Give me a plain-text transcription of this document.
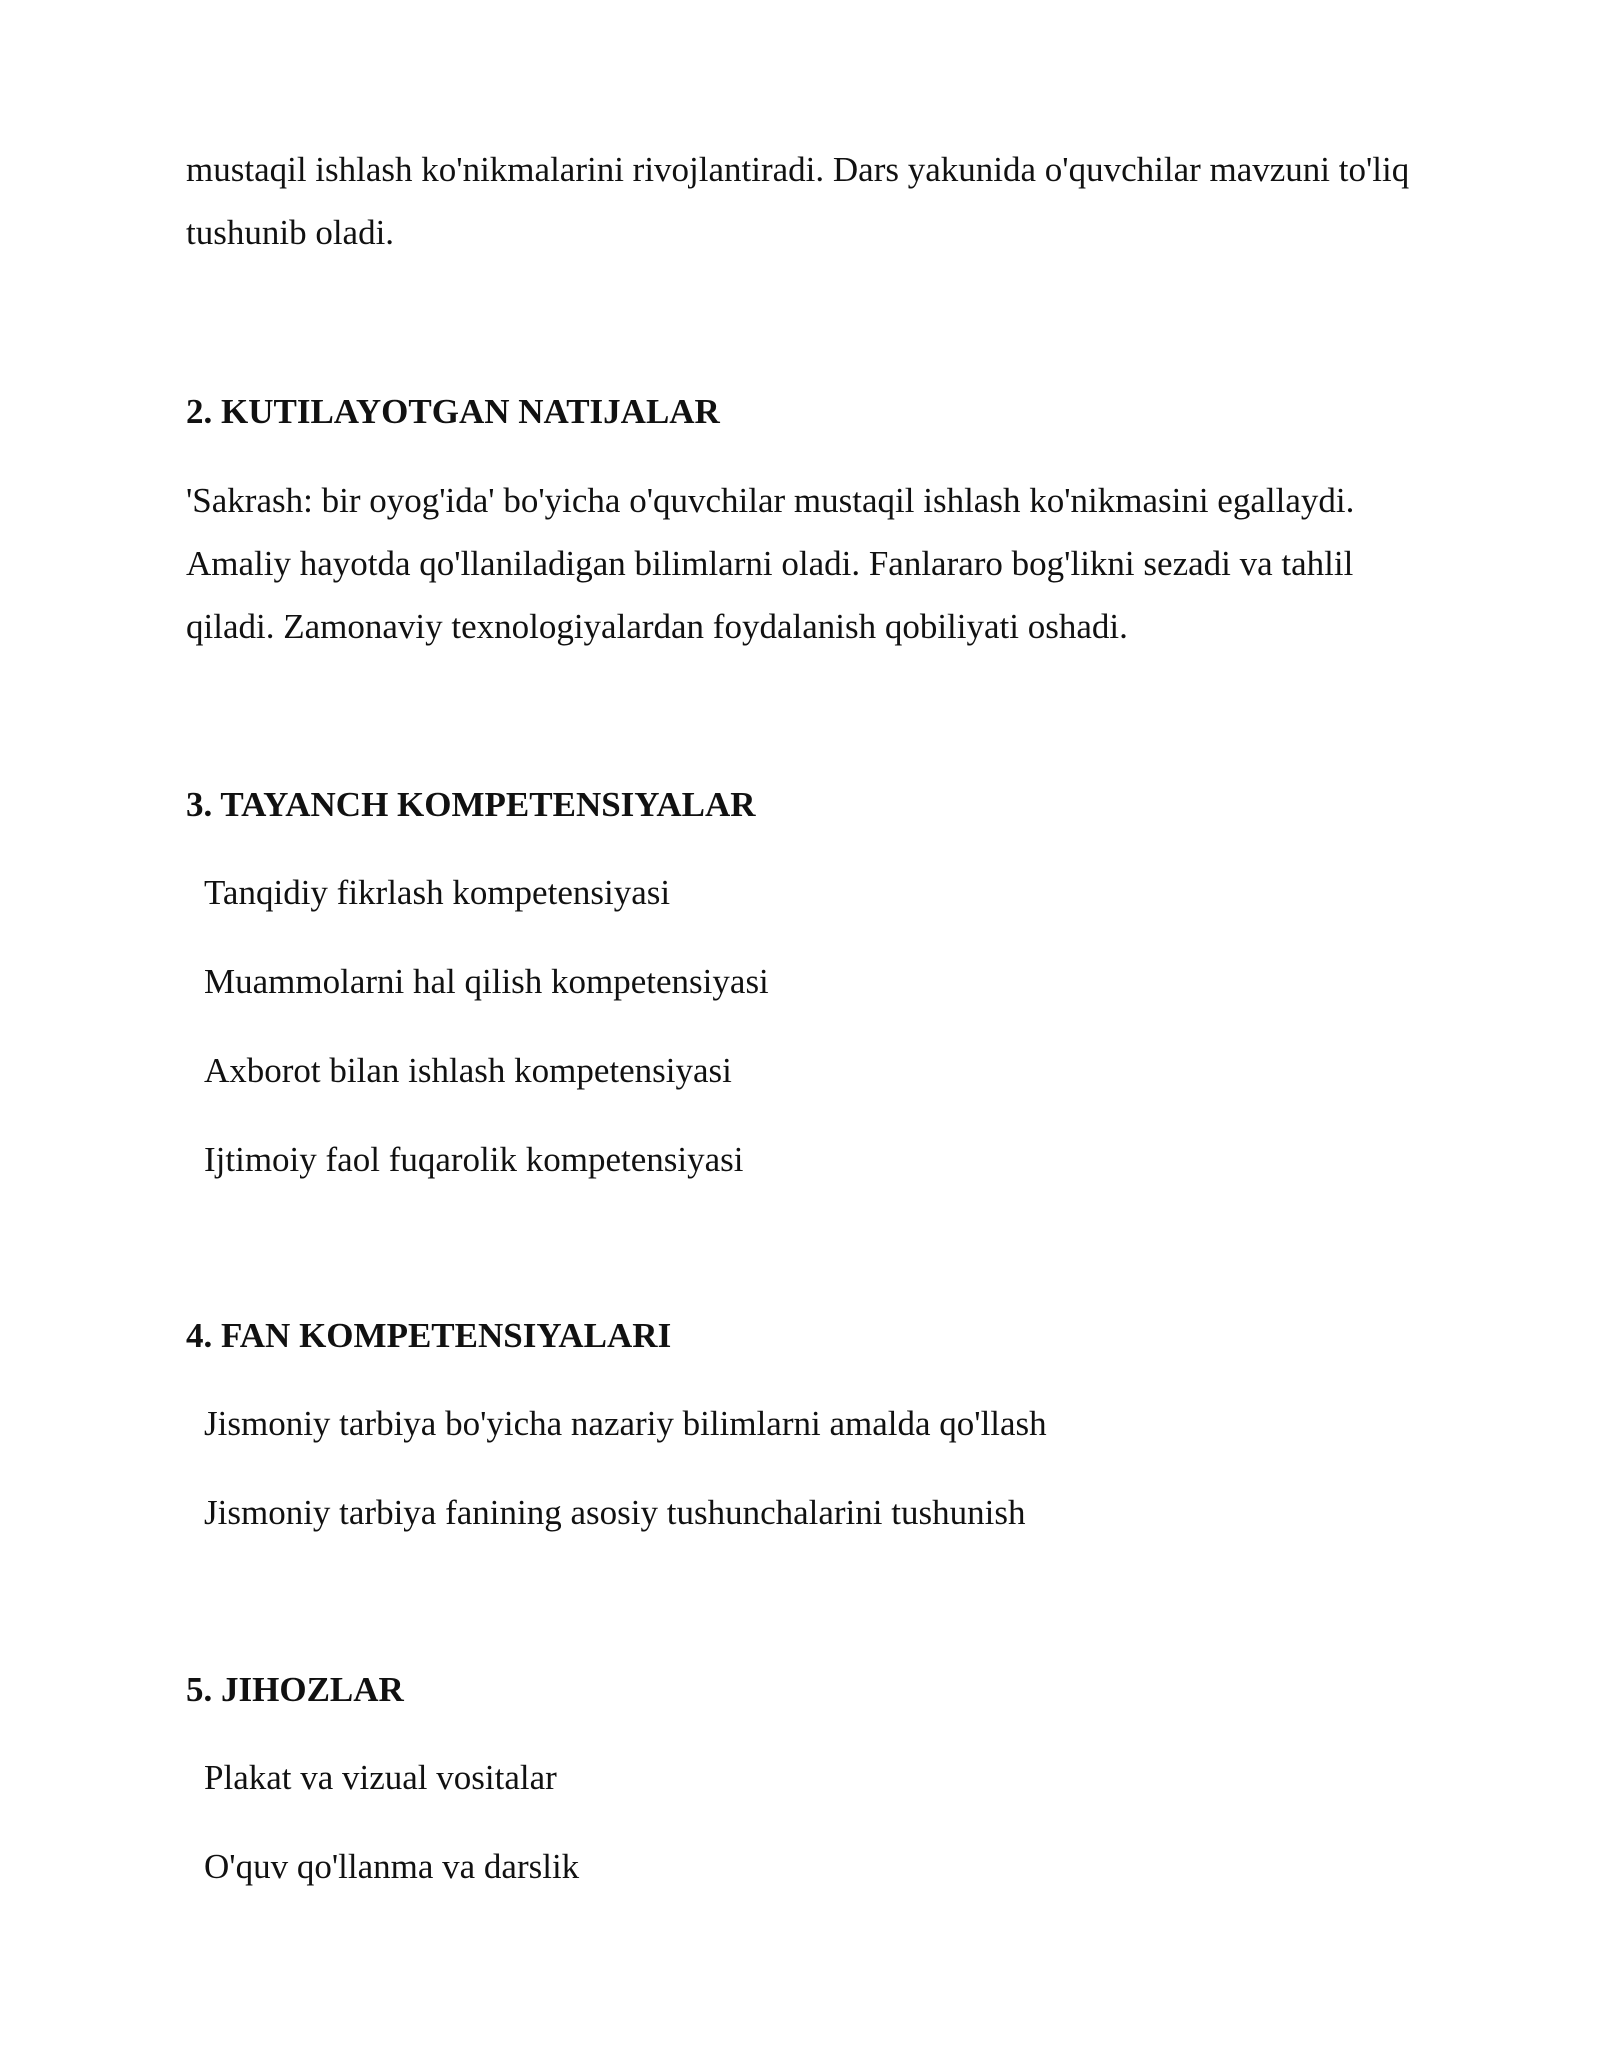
mustaqil ishlash ko'nikmalarini rivojlantiradi. Dars yakunida o'quvchilar mavzuni to'liq tushunib oladi.

2. KUTILAYOTGAN NATIJALAR

'Sakrash: bir oyog'ida' bo'yicha o'quvchilar mustaqil ishlash ko'nikmasini egallaydi. Amaliy hayotda qo'llaniladigan bilimlarni oladi. Fanlararo bog'likni sezadi va tahlil qiladi. Zamonaviy texnologiyalardan foydalanish qobiliyati oshadi.

3. TAYANCH KOMPETENSIYALAR

Tanqidiy fikrlash kompetensiyasi

Muammolarni hal qilish kompetensiyasi

Axborot bilan ishlash kompetensiyasi

Ijtimoiy faol fuqarolik kompetensiyasi

4. FAN KOMPETENSIYALARI

Jismoniy tarbiya bo'yicha nazariy bilimlarni amalda qo'llash

Jismoniy tarbiya fanining asosiy tushunchalarini tushunish

5. JIHOZLAR

Plakat va vizual vositalar

O'quv qo'llanma va darslik
